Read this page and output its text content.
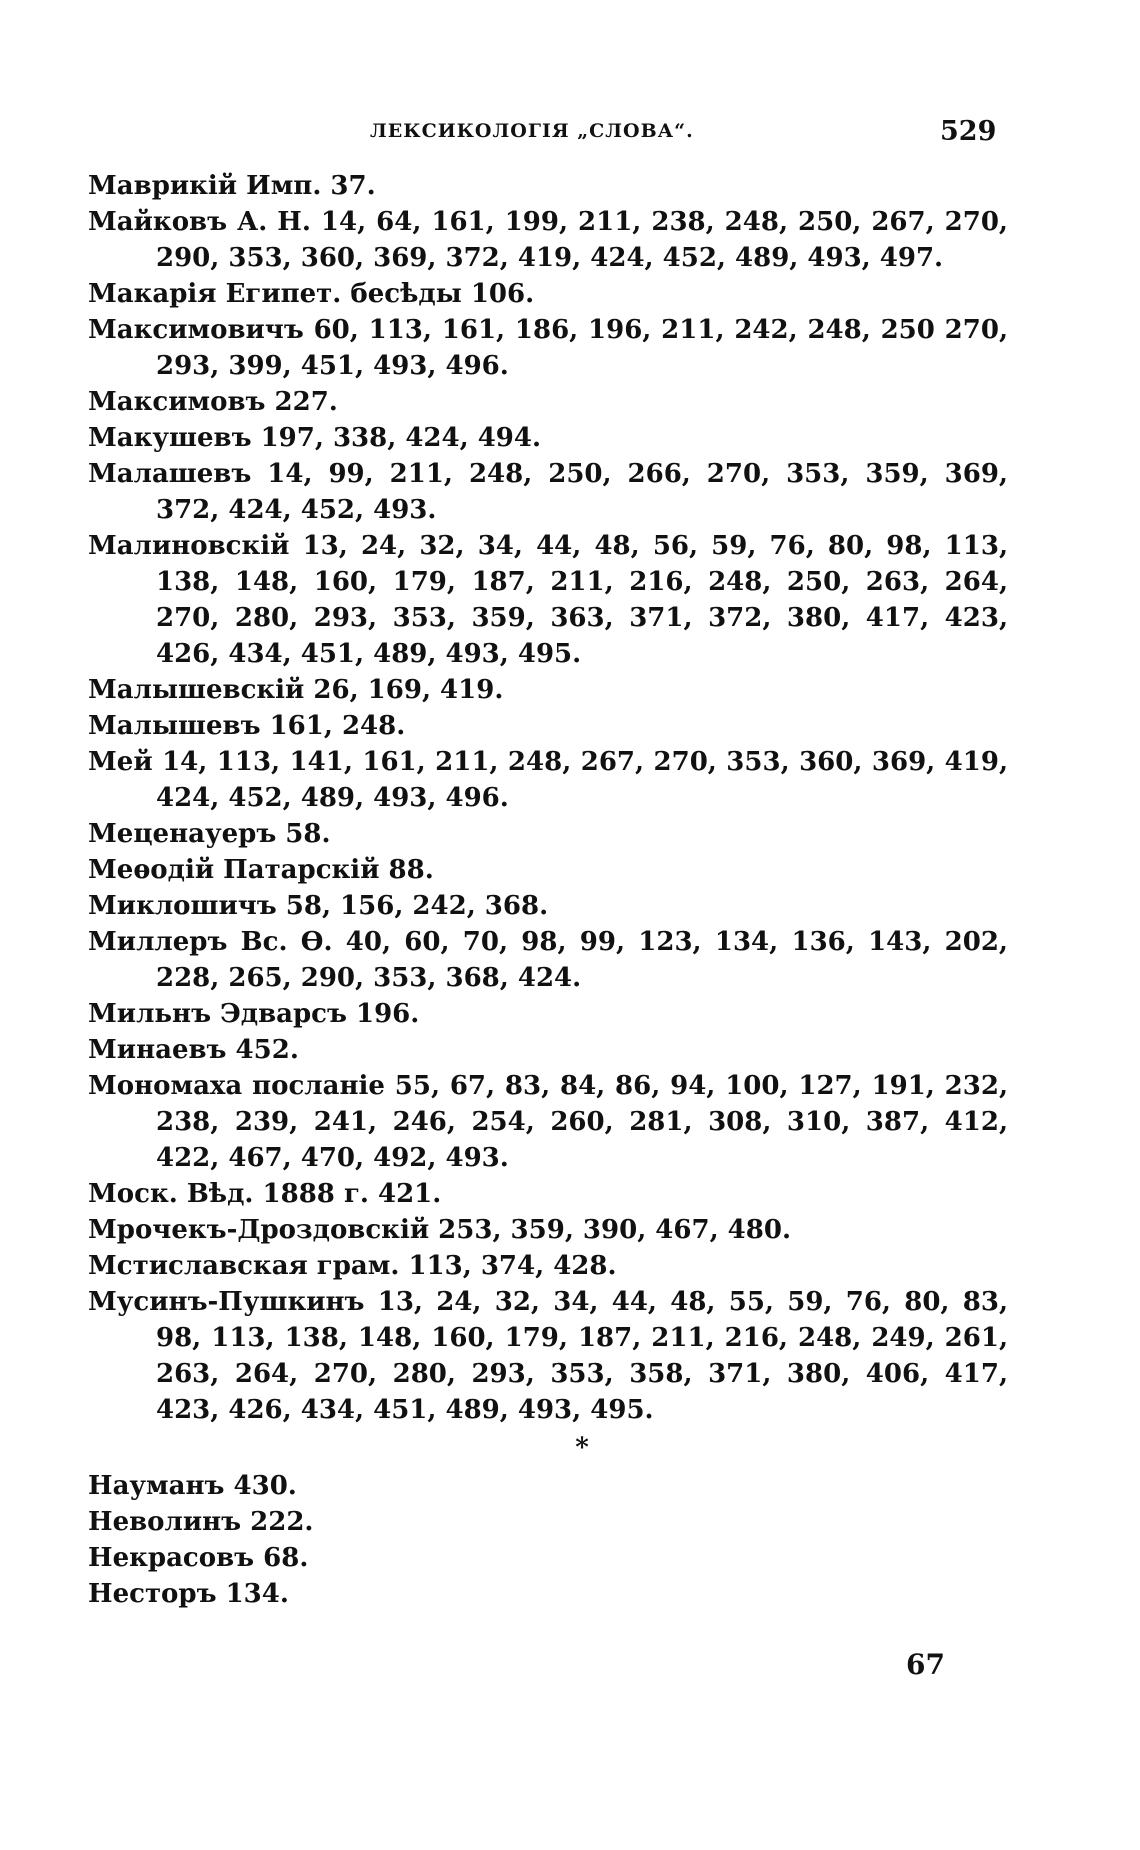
ЛЕКСИКОЛОГІЯ „СЛОВА“.	529

Маврикій Имп. 37.

Майковъ А. Н. 14, 64, 161, 199, 211, 238, 248, 250, 267, 270, 290, 353, 360, 369, 372, 419, 424, 452, 489, 493, 497.

Макарія Египет. бесѣды 106.

Максимовичъ 60, 113, 161, 186, 196, 211, 242, 248, 250 270, 293, 399, 451, 493, 496.

Максимовъ 227.

Макушевъ 197, 338, 424, 494.

Малашевъ 14, 99, 211, 248, 250, 266, 270, 353, 359, 369, 372, 424, 452, 493.

Малиновскій 13, 24, 32, 34, 44, 48, 56, 59, 76, 80, 98, 113, 138, 148, 160, 179, 187, 211, 216, 248, 250, 263, 264, 270, 280, 293, 353, 359, 363, 371, 372, 380, 417, 423, 426, 434, 451, 489, 493, 495.

Малышевскій 26, 169, 419.

Малышевъ 161, 248.

Мей 14, 113, 141, 161, 211, 248, 267, 270, 353, 360, 369, 419, 424, 452, 489, 493, 496.

Меценауеръ 58.

Меѳодій Патарскій 88.

Миклошичъ 58, 156, 242, 368.

Миллеръ Вс. Ѳ. 40, 60, 70, 98, 99, 123, 134, 136, 143, 202, 228, 265, 290, 353, 368, 424.

Мильнъ Эдварсъ 196.

Минаевъ 452.

Мономаха посланіе 55, 67, 83, 84, 86, 94, 100, 127, 191, 232, 238, 239, 241, 246, 254, 260, 281, 308, 310, 387, 412, 422, 467, 470, 492, 493.

Моск. Вѣд. 1888 г. 421.

Мрочекъ-Дроздовскій 253, 359, 390, 467, 480.

Мстиславская грам. 113, 374, 428.

Мусинъ-Пушкинъ 13, 24, 32, 34, 44, 48, 55, 59, 76, 80, 83, 98, 113, 138, 148, 160, 179, 187, 211, 216, 248, 249, 261, 263, 264, 270, 280, 293, 353, 358, 371, 380, 406, 417, 423, 426, 434, 451, 489, 493, 495.

*

Науманъ 430.

Неволинъ 222.

Некрасовъ 68.

Несторъ 134.

67
